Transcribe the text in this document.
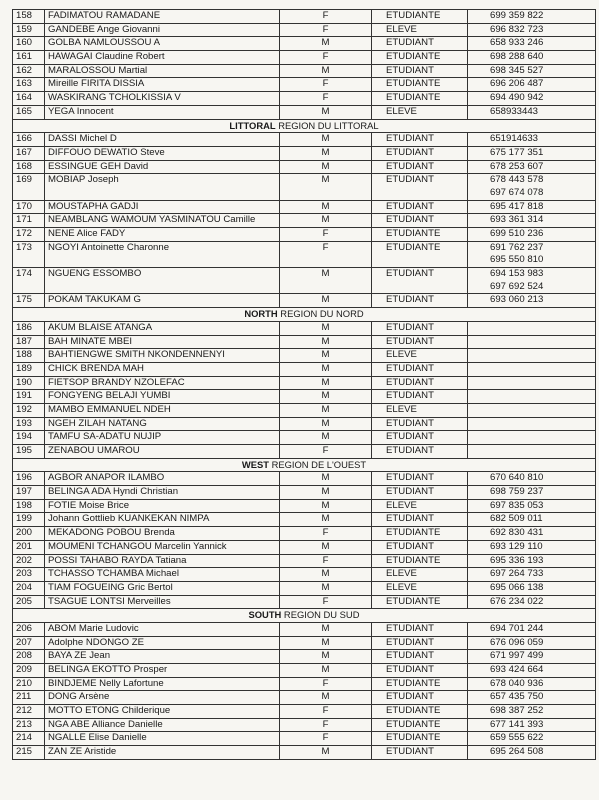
158	FADIMATOU RAMADANE	F	ETUDIANTE	699 359 822

159	GANDEBE Ange Giovanni	F	ELEVE	696 832 723

160	GOLBA NAMLOUSSOU A	M	ETUDIANT	658 933 246

161	HAWAGAI Claudine Robert	F	ETUDIANTE	698 288 640

162	MARALOSSOU Martial	M	ETUDIANT	698 345 527

163	Mireille FIRITA DISSIA	F	ETUDIANTE	696 206 487

164	WASKIRANG TCHOLKISSIA V	F	ETUDIANTE	694 490 942

165	YEGA Innocent	M	ELEVE	658933443

LITTORAL REGION DU LITTORAL				
166	DASSI Michel D	M	ETUDIANT	651914633

167	DIFFOUO DEWATIO Steve	M	ETUDIANT	675 177 351

168	ESSINGUE GEH David	M	ETUDIANT	678 253 607

169	MOBIAP Joseph	M	ETUDIANT	678 443 578
697 674 078

170	MOUSTAPHA GADJI	M	ETUDIANT	695 417 818

171	NEAMBLANG WAMOUM YASMINATOU Camille	M	ETUDIANT	693 361 314

172	NENE Alice FADY	F	ETUDIANTE	699 510 236

173	NGOYI Antoinette Charonne	F	ETUDIANTE	691 762 237
695 550 810

174	NGUENG ESSOMBO	M	ETUDIANT	694 153 983
697 692 524

175	POKAM TAKUKAM G	M	ETUDIANT	693 060 213

NORTH REGION DU NORD				
186	AKUM BLAISE ATANGA	M	ETUDIANT	

187	BAH MINATE MBEI	M	ETUDIANT	

188	BAHTIENGWE SMITH NKONDENNENYI	M	ELEVE	

189	CHICK BRENDA MAH	M	ETUDIANT	

190	FIETSOP BRANDY NZOLEFAC	M	ETUDIANT	

191	FONGYENG BELAJI YUMBI	M	ETUDIANT	

192	MAMBO EMMANUEL NDEH	M	ELEVE	

193	NGEH ZILAH NATANG	M	ETUDIANT	

194	TAMFU SA-ADATU NUJIP	M	ETUDIANT	

195	ZENABOU UMAROU	F	ETUDIANT	

WEST REGION DE L'OUEST				
196	AGBOR ANAPOR ILAMBO	M	ETUDIANT	670 640 810

197	BELINGA ADA Hyndi Christian	M	ETUDIANT	698 759 237

198	FOTIE Moise Brice	M	ELEVE	697 835 053

199	Johann Gottlieb KUANKEKAN NIMPA	M	ETUDIANT	682 509 011

200	MEKADONG POBOU Brenda	F	ETUDIANTE	692 830 431

201	MOUMENI TCHANGOU Marcelin Yannick	M	ETUDIANT	693 129 110

202	POSSI TAHABO RAYDA Tatiana	F	ETUDIANTE	695 336 193

203	TCHASSO TCHAMBA Michael	M	ELEVE	697 264 733

204	TIAM FOGUEING Gric Bertol	M	ELEVE	695 066 138

205	TSAGUE LONTSI Merveilles	F	ETUDIANTE	676 234 022

SOUTH REGION DU SUD				
206	ABOM Marie Ludovic	M	ETUDIANT	694 701 244

207	Adolphe NDONGO ZE	M	ETUDIANT	676 096 059

208	BAYA ZE Jean	M	ETUDIANT	671 997 499

209	BELINGA EKOTTO Prosper	M	ETUDIANT	693 424 664

210	BINDJEME Nelly Lafortune	F	ETUDIANTE	678 040 936

211	DONG Arsène	M	ETUDIANT	657 435 750

212	MOTTO ETONG Childerique	F	ETUDIANTE	698 387 252

213	NGA ABE Alliance Danielle	F	ETUDIANTE	677 141 393

214	NGALLE Elise Danielle	F	ETUDIANTE	659 555 622

215	ZAN ZE Aristide	M	ETUDIANT	695 264 508
